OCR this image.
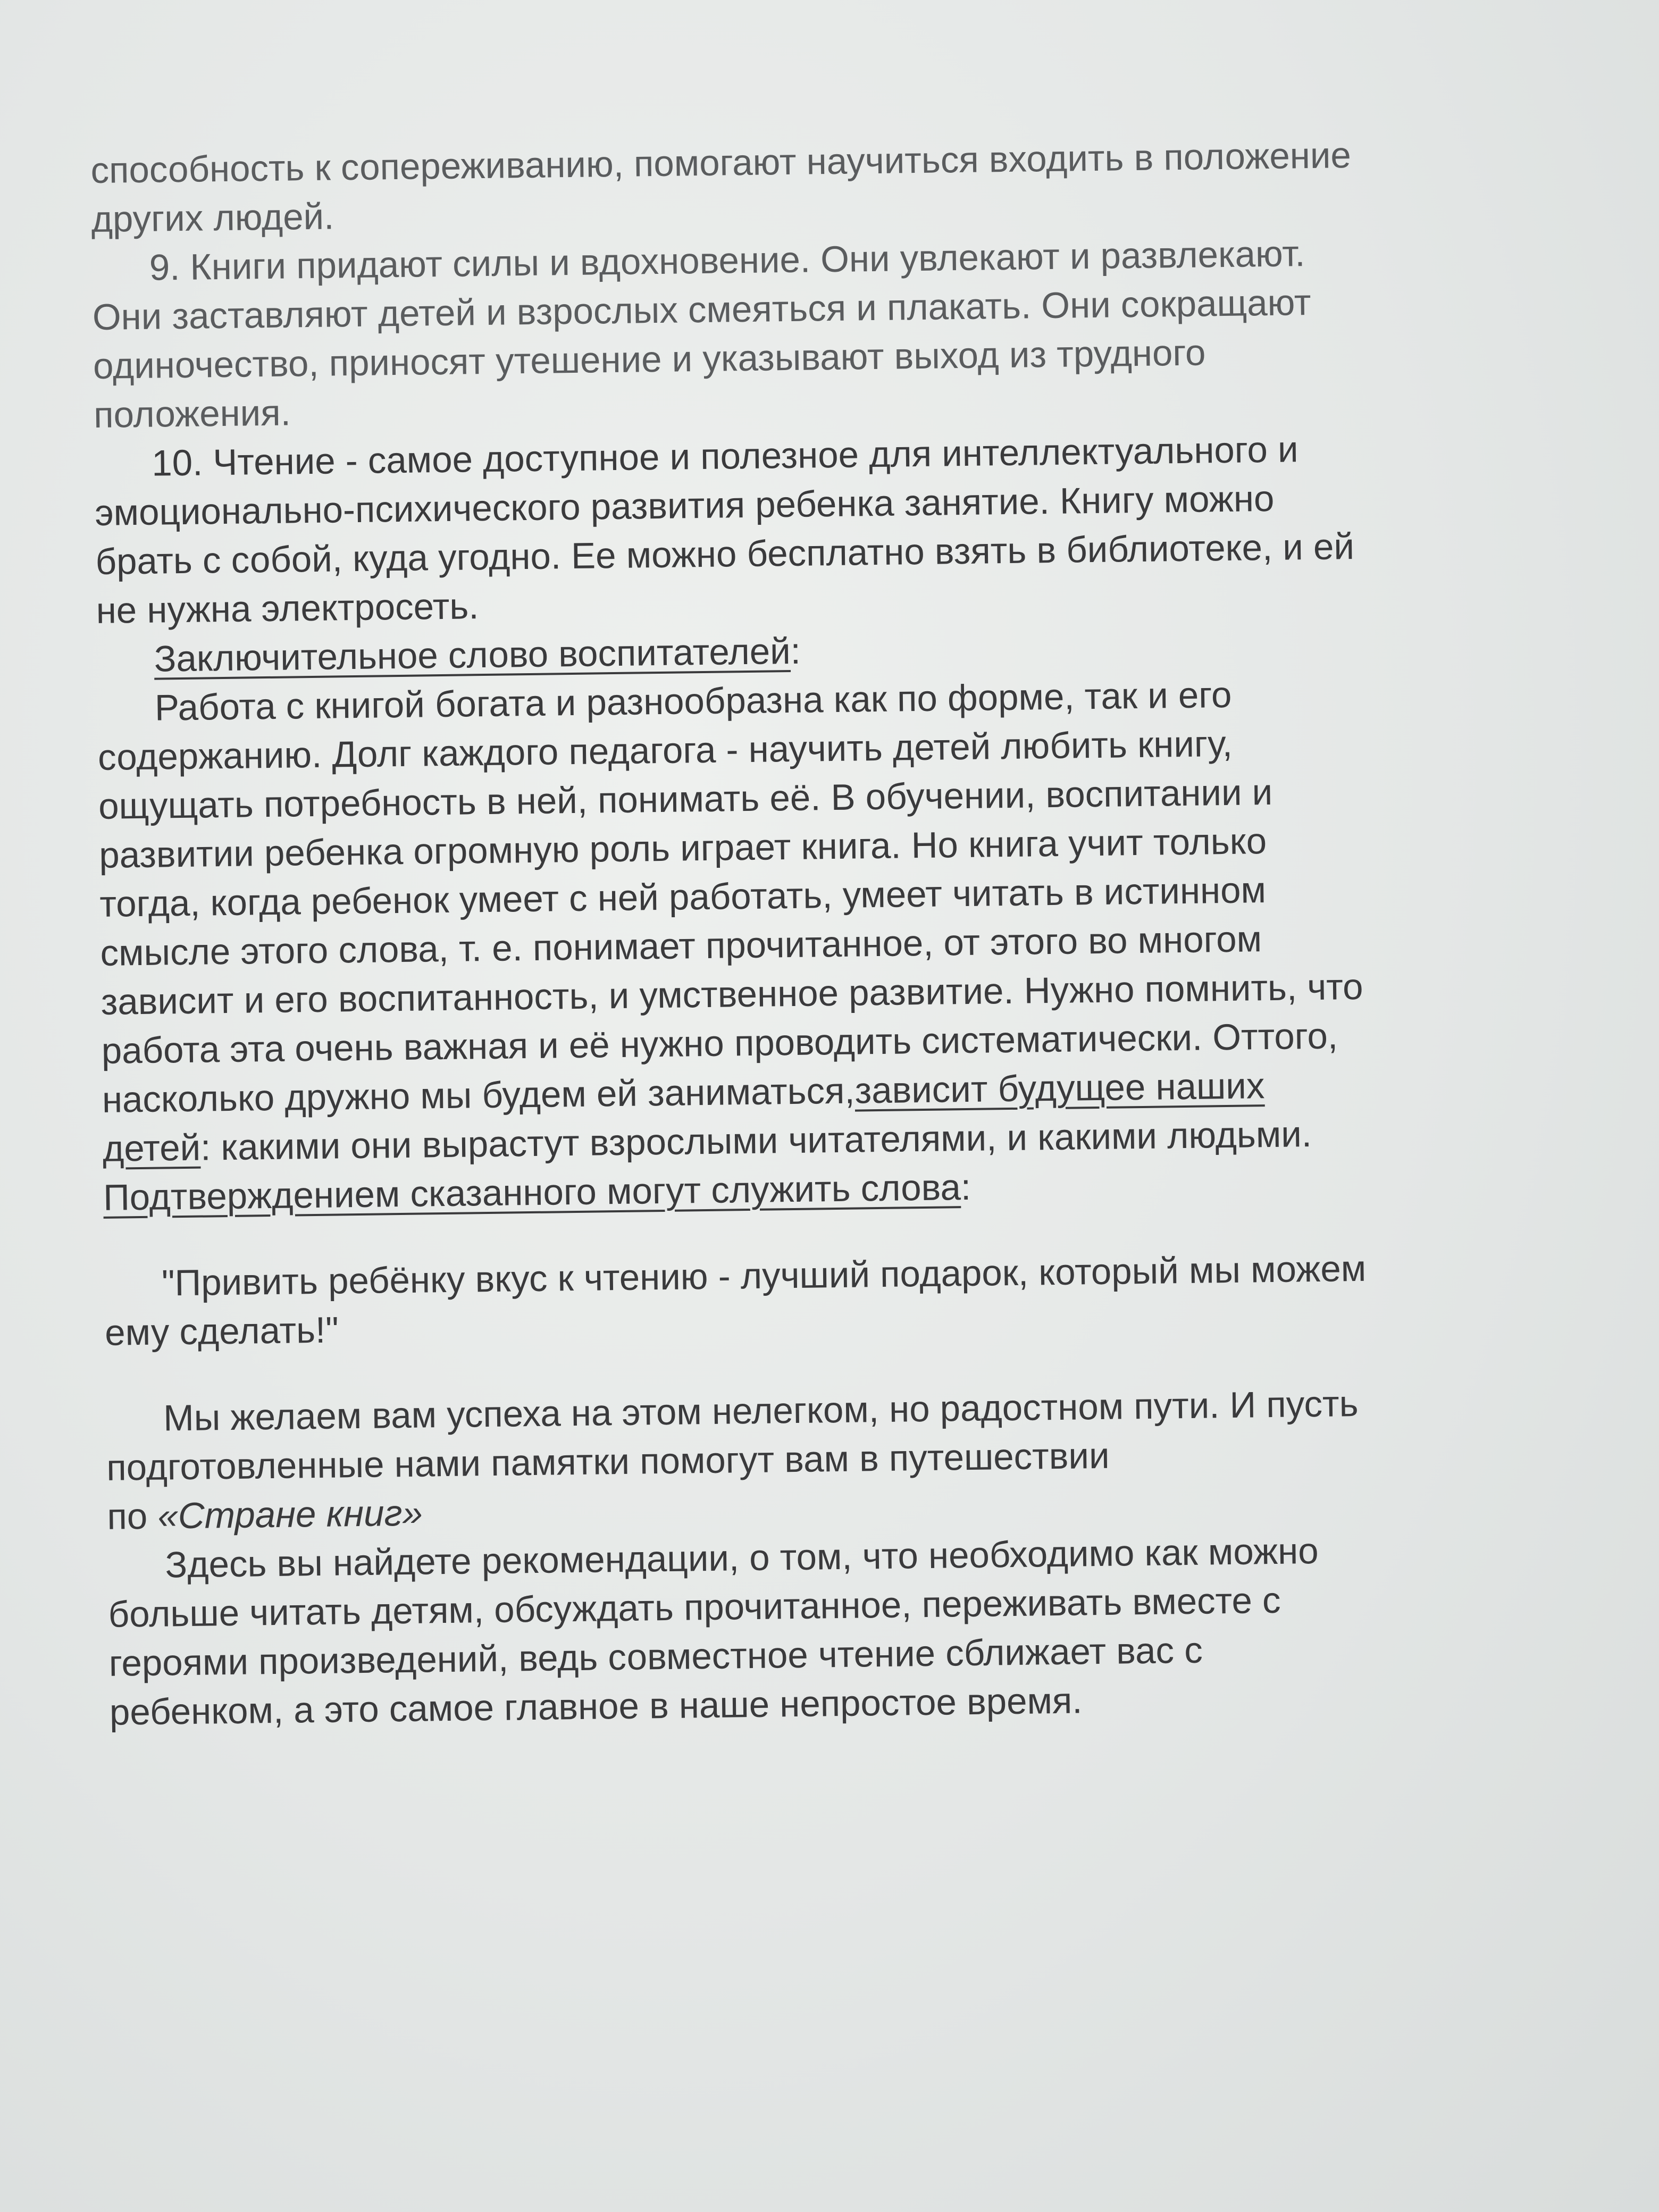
способность к сопереживанию, помогают научиться входить в положение
других людей.
9. Книги придают силы и вдохновение. Они увлекают и развлекают.
Они заставляют детей и взрослых смеяться и плакать. Они сокращают
одиночество, приносят утешение и указывают выход из трудного
положения.
10. Чтение - самое доступное и полезное для интеллектуального и
эмоционально-психического развития ребенка занятие. Книгу можно
брать с собой, куда угодно. Ее можно бесплатно взять в библиотеке, и ей
не нужна электросеть.
Заключительное слово воспитателей:
Работа с книгой богата и разнообразна как по форме, так и его
содержанию. Долг каждого педагога - научить детей любить книгу,
ощущать потребность в ней, понимать её. В обучении, воспитании и
развитии ребенка огромную роль играет книга. Но книга учит только
тогда, когда ребенок умеет с ней работать, умеет читать в истинном
смысле этого слова, т. е. понимает прочитанное, от этого во многом
зависит и его воспитанность, и умственное развитие. Нужно помнить, что
работа эта очень важная и её нужно проводить систематически. Оттого,
насколько дружно мы будем ей заниматься,зависит будущее наших
детей: какими они вырастут взрослыми читателями, и какими людьми.
Подтверждением сказанного могут служить слова:
"Привить ребёнку вкус к чтению - лучший подарок, который мы можем
ему сделать!"
Мы желаем вам успеха на этом нелегком, но радостном пути. И пусть
подготовленные нами памятки помогут вам в путешествии
по «Стране книг»
Здесь вы найдете рекомендации, о том, что необходимо как можно
больше читать детям, обсуждать прочитанное, переживать вместе с
героями произведений, ведь совместное чтение сближает вас с
ребенком, а это самое главное в наше непростое время.
